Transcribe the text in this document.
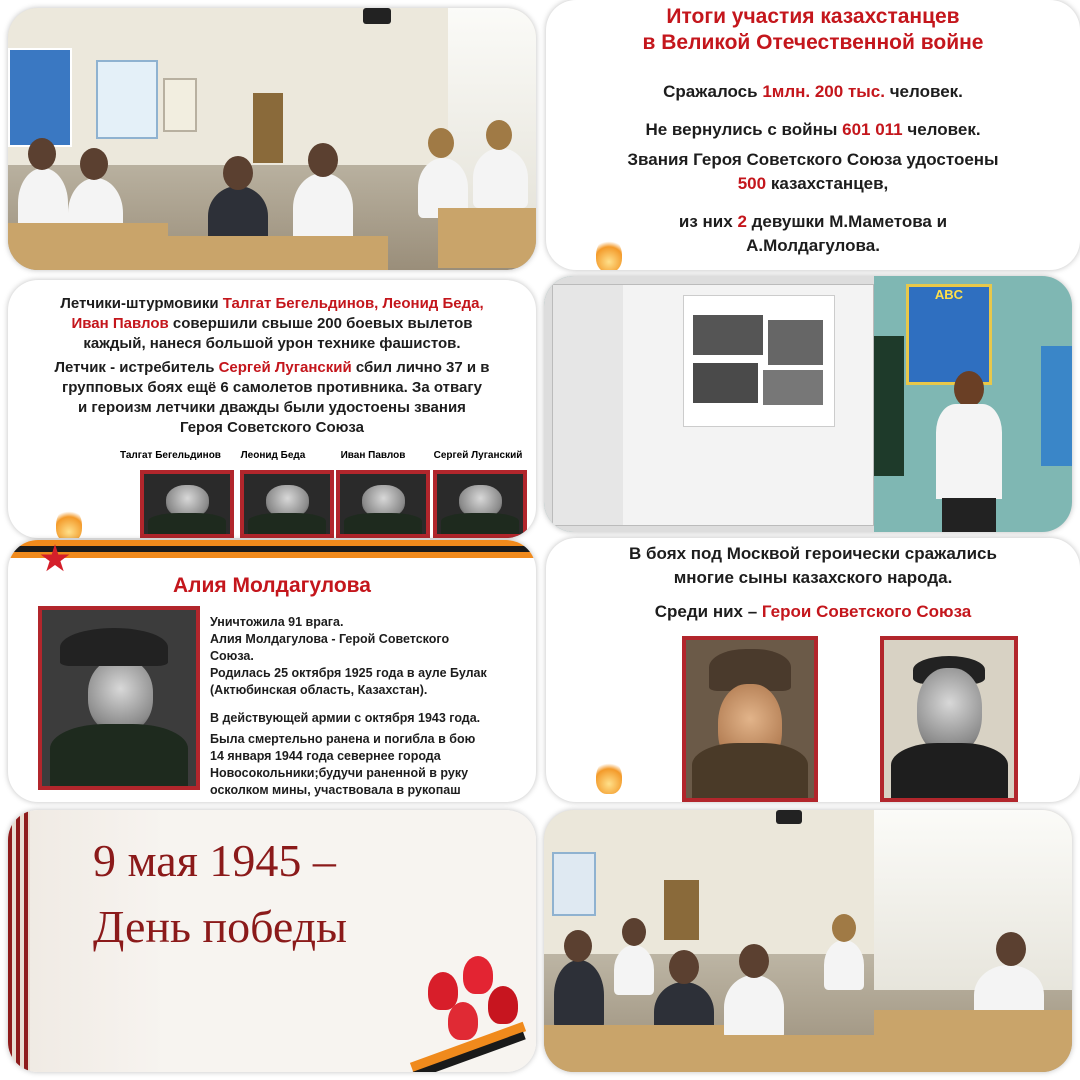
Итоги участия казахстанцев
в Великой Отечественной войне
Сражалось 1млн. 200 тыс. человек.
Не вернулись с войны 601 011 человек.
Звания Героя Советского Союза удостоены
500 казахстанцев,
из них 2 девушки М.Маметова и
А.Молдагулова.
Летчики-штурмовики Талгат Бегельдинов, Леонид Беда,
Иван Павлов совершили свыше 200 боевых вылетов
каждый, нанеся большой урон технике фашистов.
Летчик - истребитель Сергей Луганский сбил лично 37 и в
групповых боях ещё 6 самолетов противника. За отвагу
и героизм летчики дважды были удостоены звания
Героя Советского Союза
Талгат Бегельдинов	Леонид Беда	Иван Павлов	Сергей Луганский
ABC
Алия Молдагулова
Уничтожила 91 врага.
Алия Молдагулова - Герой Советского
Союза.
Родилась 25 октября 1925 года в ауле Булак
(Актюбинская область, Казахстан).
В действующей армии с октября 1943 года.
Была смертельно ранена и погибла в бою
14 января 1944 года севернее города
Новосокольники;будучи раненной в руку
осколком мины, участвовала в рукопаш
В боях под Москвой героически сражались
многие сыны казахского народа.
Среди них – Герои Советского Союза
9 мая 1945 –
День победы
